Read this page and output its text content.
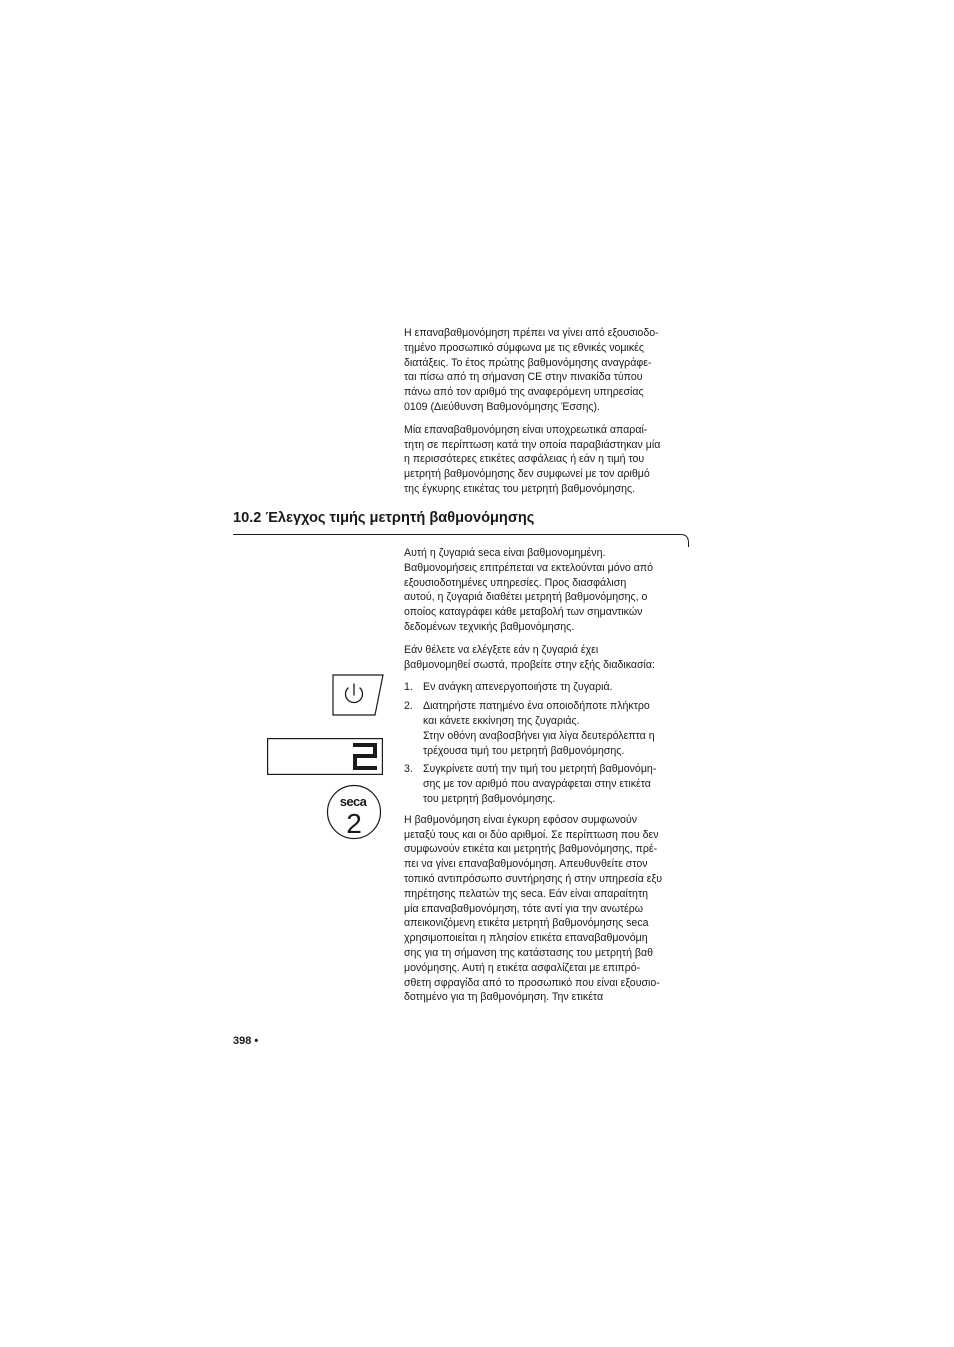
Η επαναβαθμονόμηση πρέπει να γίνει από εξουσιοδο-
τημένο προσωπικό σύμφωνα με τις εθνικές νομικές
διατάξεις. Το έτος πρώτης βαθμονόμησης αναγράφε-
ται πίσω από τη σήμανση CE στην πινακίδα τύπου
πάνω από τον αριθμό της αναφερόμενη υπηρεσίας
0109 (Διεύθυνση Βαθμονόμησης Έσσης).

Μία επαναβαθμονόμηση είναι υποχρεωτικά απαραί-
τητη σε περίπτωση κατά την οποία παραβιάστηκαν μία
η περισσότερες ετικέτες ασφάλειας ή εάν η τιμή του
μετρητή βαθμονόμησης δεν συμφωνεί με τον αριθμό
της έγκυρης ετικέτας του μετρητή βαθμονόμησης.

10.2 Έλεγχος τιμής μετρητή βαθμονόμησης

Αυτή η ζυγαριά seca είναι βαθμονομημένη.
Βαθμονομήσεις επιτρέπεται να εκτελούνται μόνο από
εξουσιοδοτημένες υπηρεσίες. Προς διασφάλιση
αυτού, η ζυγαριά διαθέτει μετρητή βαθμονόμησης, ο
οποίος καταγράφει κάθε μεταβολή των σημαντικών
δεδομένων τεχνικής βαθμονόμησης.

Εάν θέλετε να ελέγξετε εάν η ζυγαριά έχει
βαθμονομηθεί σωστά, προβείτε στην εξής διαδικασία:

1. Εν ανάγκη απενεργοποιήστε τη ζυγαριά.
2. Διατηρήστε πατημένο ένα οποιοδήποτε πλήκτρο
και κάνετε εκκίνηση της ζυγαριάς.
Στην οθόνη αναβοσβήνει για λίγα δευτερόλεπτα η
τρέχουσα τιμή του μετρητή βαθμονόμησης.
3. Συγκρίνετε αυτή την τιμή του μετρητή βαθμονόμη-
σης με τον αριθμό που αναγράφεται στην ετικέτα
του μετρητή βαθμονόμησης.

Η βαθμονόμηση είναι έγκυρη εφόσον συμφωνούν
μεταξύ τους και οι δύο αριθμοί. Σε περίπτωση που δεν
συμφωνούν ετικέτα και μετρητής βαθμονόμησης, πρέ-
πει να γίνει επαναβαθμονόμηση. Απευθυνθείτε στον
τοπικό αντιπρόσωπο συντήρησης ή στην υπηρεσία εξυ
πηρέτησης πελατών της seca. Εάν είναι απαραίτητη
μία επαναβαθμονόμηση, τότε αντί για την ανωτέρω
απεικονιζόμενη ετικέτα μετρητή βαθμονόμησης seca
χρησιμοποιείται η πλησίον ετικέτα επαναβαθμονόμη
σης για τη σήμανση της κατάστασης του μετρητή βαθ
μονόμησης. Αυτή η ετικέτα ασφαλίζεται με επιπρό-
σθετη σφραγίδα από το προσωπικό που είναι εξουσιο-
δοτημένο για τη βαθμονόμηση. Την ετικέτα

seca
2
398 •
